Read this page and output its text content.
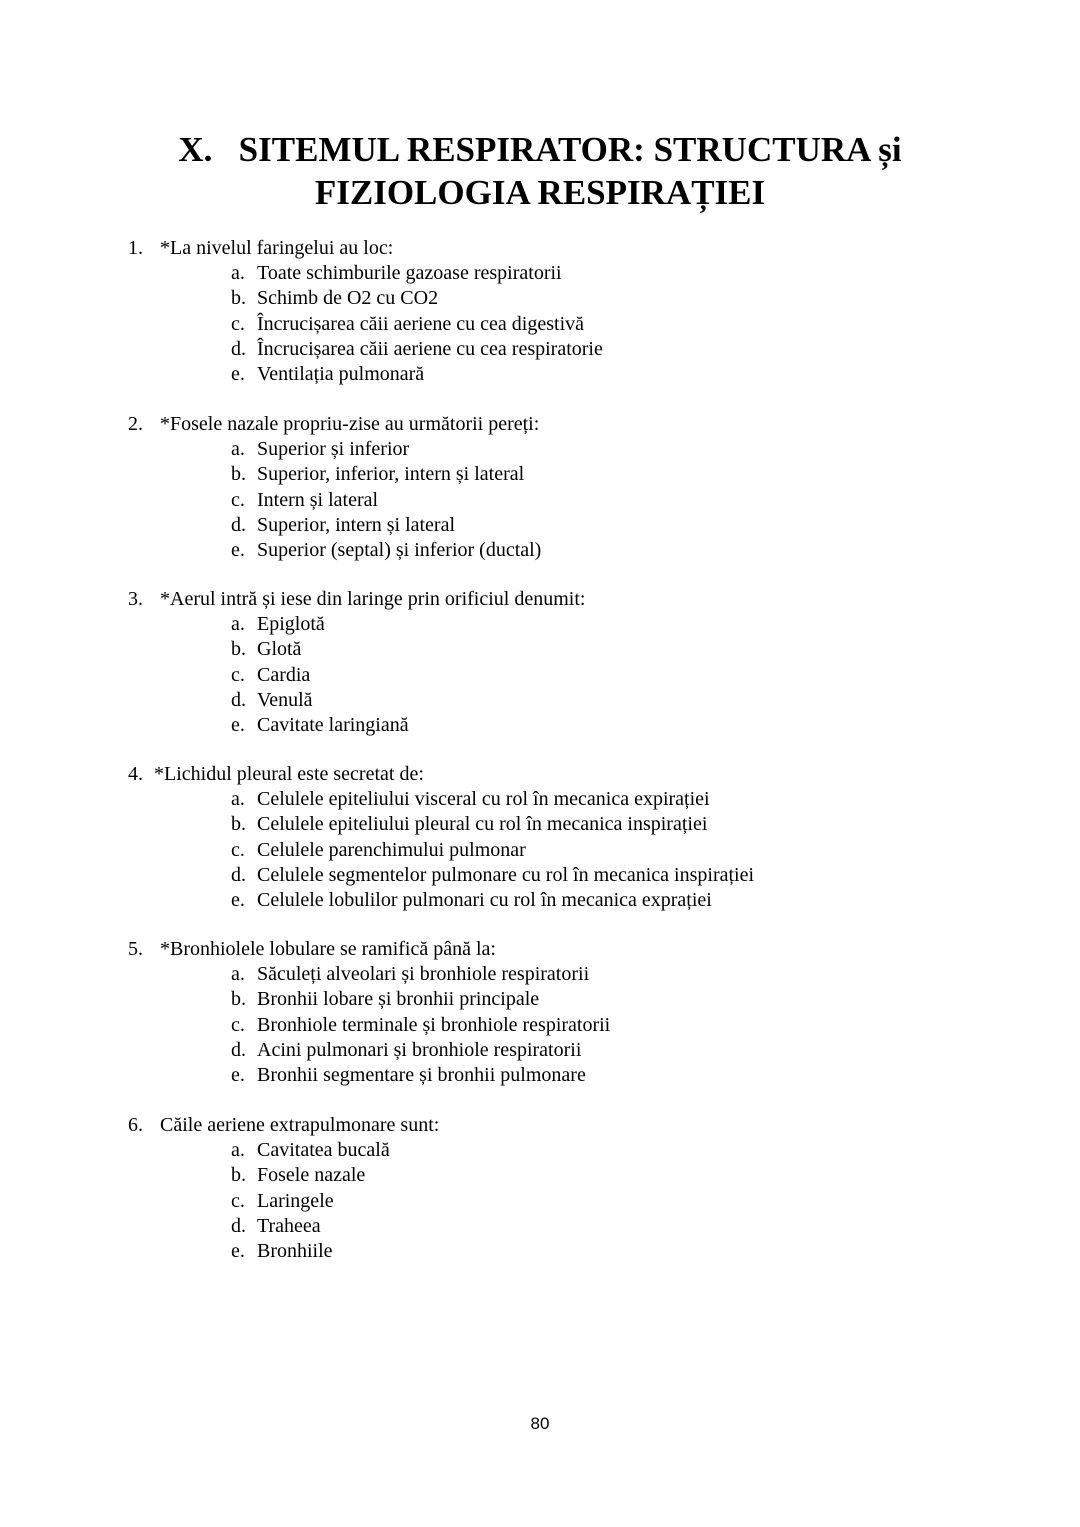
X.   SITEMUL RESPIRATOR: STRUCTURA și
FIZIOLOGIA RESPIRAȚIEI
1. *La nivelul faringelui au loc:
a. Toate schimburile gazoase respiratorii
b. Schimb de O2 cu CO2
c. Încrucișarea căii aeriene cu cea digestivă
d. Încrucișarea căii aeriene cu cea respiratorie
e. Ventilația pulmonară
2. *Fosele nazale propriu-zise au următorii pereți:
a. Superior și inferior
b. Superior, inferior, intern și lateral
c. Intern și lateral
d. Superior, intern și lateral
e. Superior (septal) și inferior (ductal)
3. *Aerul intră și iese din laringe prin orificiul denumit:
a. Epiglotă
b. Glotă
c. Cardia
d. Venulă
e. Cavitate laringiană
4. *Lichidul pleural este secretat de:
a. Celulele epiteliului visceral cu rol în mecanica expirației
b. Celulele epiteliului pleural cu rol în mecanica inspirației
c. Celulele parenchimului pulmonar
d. Celulele segmentelor pulmonare cu rol în mecanica inspirației
e. Celulele lobulilor pulmonari cu rol în mecanica exprației
5. *Bronhiolele lobulare se ramifică până la:
a. Săculeți alveolari și bronhiole respiratorii
b. Bronhii lobare și bronhii principale
c. Bronhiole terminale și bronhiole respiratorii
d. Acini pulmonari și bronhiole respiratorii
e. Bronhii segmentare și bronhii pulmonare
6. Căile aeriene extrapulmonare sunt:
a. Cavitatea bucală
b. Fosele nazale
c. Laringele
d. Traheea
e. Bronhiile
80
